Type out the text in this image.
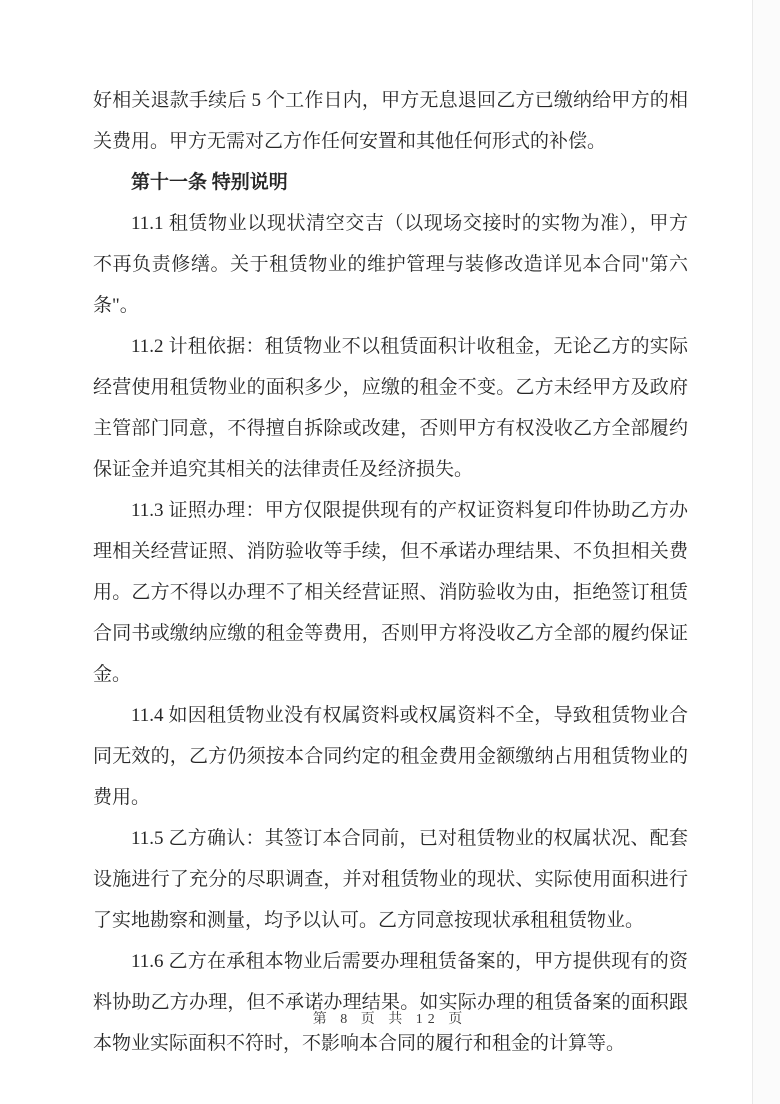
好相关退款手续后 5 个工作日内，甲方无息退回乙方已缴纳给甲方的相关费用。甲方无需对乙方作任何安置和其他任何形式的补偿。

第十一条 特别说明

11.1 租赁物业以现状清空交吉（以现场交接时的实物为准），甲方不再负责修缮。关于租赁物业的维护管理与装修改造详见本合同"第六条"。

11.2 计租依据：租赁物业不以租赁面积计收租金，无论乙方的实际经营使用租赁物业的面积多少，应缴的租金不变。乙方未经甲方及政府主管部门同意，不得擅自拆除或改建，否则甲方有权没收乙方全部履约保证金并追究其相关的法律责任及经济损失。

11.3 证照办理：甲方仅限提供现有的产权证资料复印件协助乙方办理相关经营证照、消防验收等手续，但不承诺办理结果、不负担相关费用。乙方不得以办理不了相关经营证照、消防验收为由，拒绝签订租赁合同书或缴纳应缴的租金等费用，否则甲方将没收乙方全部的履约保证金。

11.4 如因租赁物业没有权属资料或权属资料不全，导致租赁物业合同无效的，乙方仍须按本合同约定的租金费用金额缴纳占用租赁物业的费用。

11.5 乙方确认：其签订本合同前，已对租赁物业的权属状况、配套设施进行了充分的尽职调查，并对租赁物业的现状、实际使用面积进行了实地勘察和测量，均予以认可。乙方同意按现状承租租赁物业。

11.6 乙方在承租本物业后需要办理租赁备案的，甲方提供现有的资料协助乙方办理，但不承诺办理结果。如实际办理的租赁备案的面积跟本物业实际面积不符时，不影响本合同的履行和租金的计算等。

第 8 页 共 12 页
